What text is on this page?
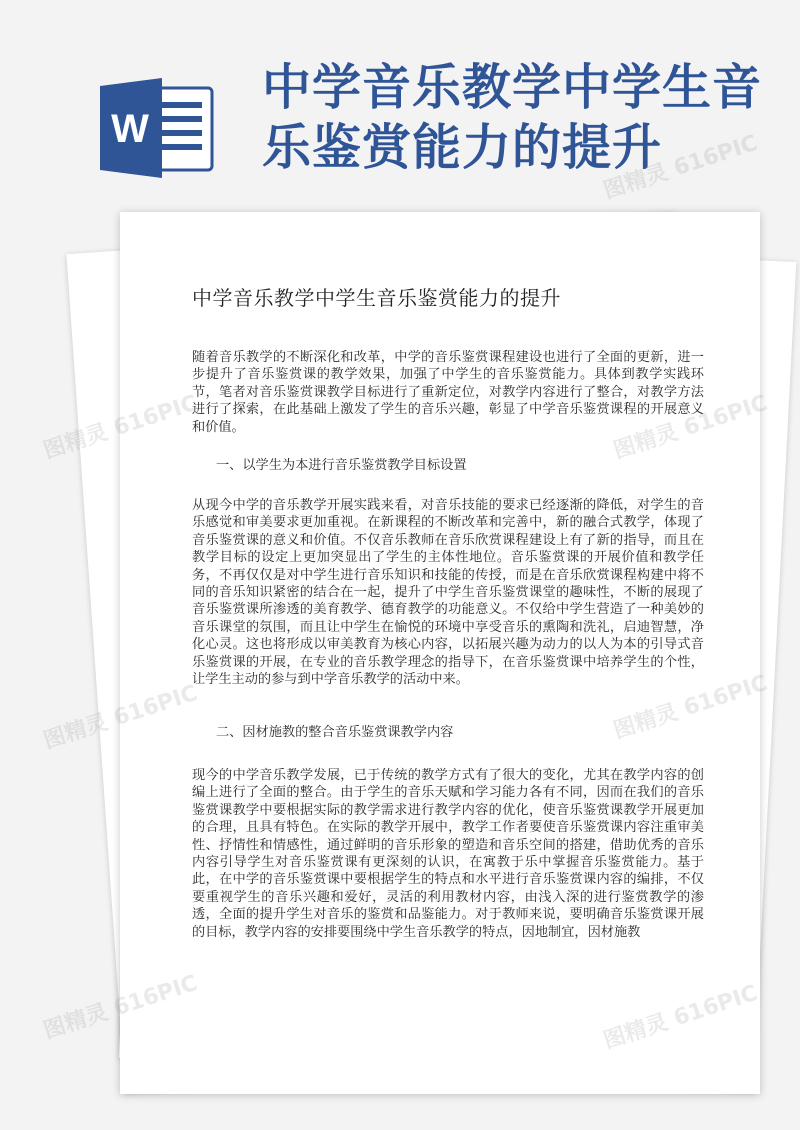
W
中学音乐教学中学生音乐鉴赏能力的提升
中学音乐教学中学生音乐鉴赏能力的提升

随着音乐教学的不断深化和改革，中学的音乐鉴赏课程建设也进行了全面的更新，进一步提升了音乐鉴赏课的教学效果，加强了中学生的音乐鉴赏能力。具体到教学实践环节，笔者对音乐鉴赏课教学目标进行了重新定位，对教学内容进行了整合，对教学方法进行了探索，在此基础上激发了学生的音乐兴趣，彰显了中学音乐鉴赏课程的开展意义和价值。

一、以学生为本进行音乐鉴赏教学目标设置

从现今中学的音乐教学开展实践来看，对音乐技能的要求已经逐渐的降低，对学生的音乐感觉和审美要求更加重视。在新课程的不断改革和完善中，新的融合式教学，体现了音乐鉴赏课的意义和价值。不仅音乐教师在音乐欣赏课程建设上有了新的指导，而且在教学目标的设定上更加突显出了学生的主体性地位。音乐鉴赏课的开展价值和教学任务，不再仅仅是对中学生进行音乐知识和技能的传授，而是在音乐欣赏课程构建中将不同的音乐知识紧密的结合在一起，提升了中学生音乐鉴赏课堂的趣味性，不断的展现了音乐鉴赏课所渗透的美育教学、德育教学的功能意义。不仅给中学生营造了一种美妙的音乐课堂的氛围，而且让中学生在愉悦的环境中享受音乐的熏陶和洗礼，启迪智慧，净化心灵。这也将形成以审美教育为核心内容，以拓展兴趣为动力的以人为本的引导式音乐鉴赏课的开展，在专业的音乐教学理念的指导下，在音乐鉴赏课中培养学生的个性，让学生主动的参与到中学音乐教学的活动中来。

二、因材施教的整合音乐鉴赏课教学内容

现今的中学音乐教学发展，已于传统的教学方式有了很大的变化，尤其在教学内容的创编上进行了全面的整合。由于学生的音乐天赋和学习能力各有不同，因而在我们的音乐鉴赏课教学中要根据实际的教学需求进行教学内容的优化，使音乐鉴赏课教学开展更加的合理，且具有特色。在实际的教学开展中，教学工作者要使音乐鉴赏课内容注重审美性、抒情性和情感性，通过鲜明的音乐形象的塑造和音乐空间的搭建，借助优秀的音乐内容引导学生对音乐鉴赏课有更深刻的认识，在寓教于乐中掌握音乐鉴赏能力。基于此，在中学的音乐鉴赏课中要根据学生的特点和水平进行音乐鉴赏课内容的编排，不仅要重视学生的音乐兴趣和爱好，灵活的利用教材内容，由浅入深的进行鉴赏教学的渗透，全面的提升学生对音乐的鉴赏和品鉴能力。对于教师来说，要明确音乐鉴赏课开展的目标，教学内容的安排要围绕中学生音乐教学的特点，因地制宜，因材施教

图精灵 616PIC
图精灵 616PIC	图精灵 616PIC
图精灵 616PIC	图精灵 616PIC
图精灵 616PIC	图精灵 616PIC
